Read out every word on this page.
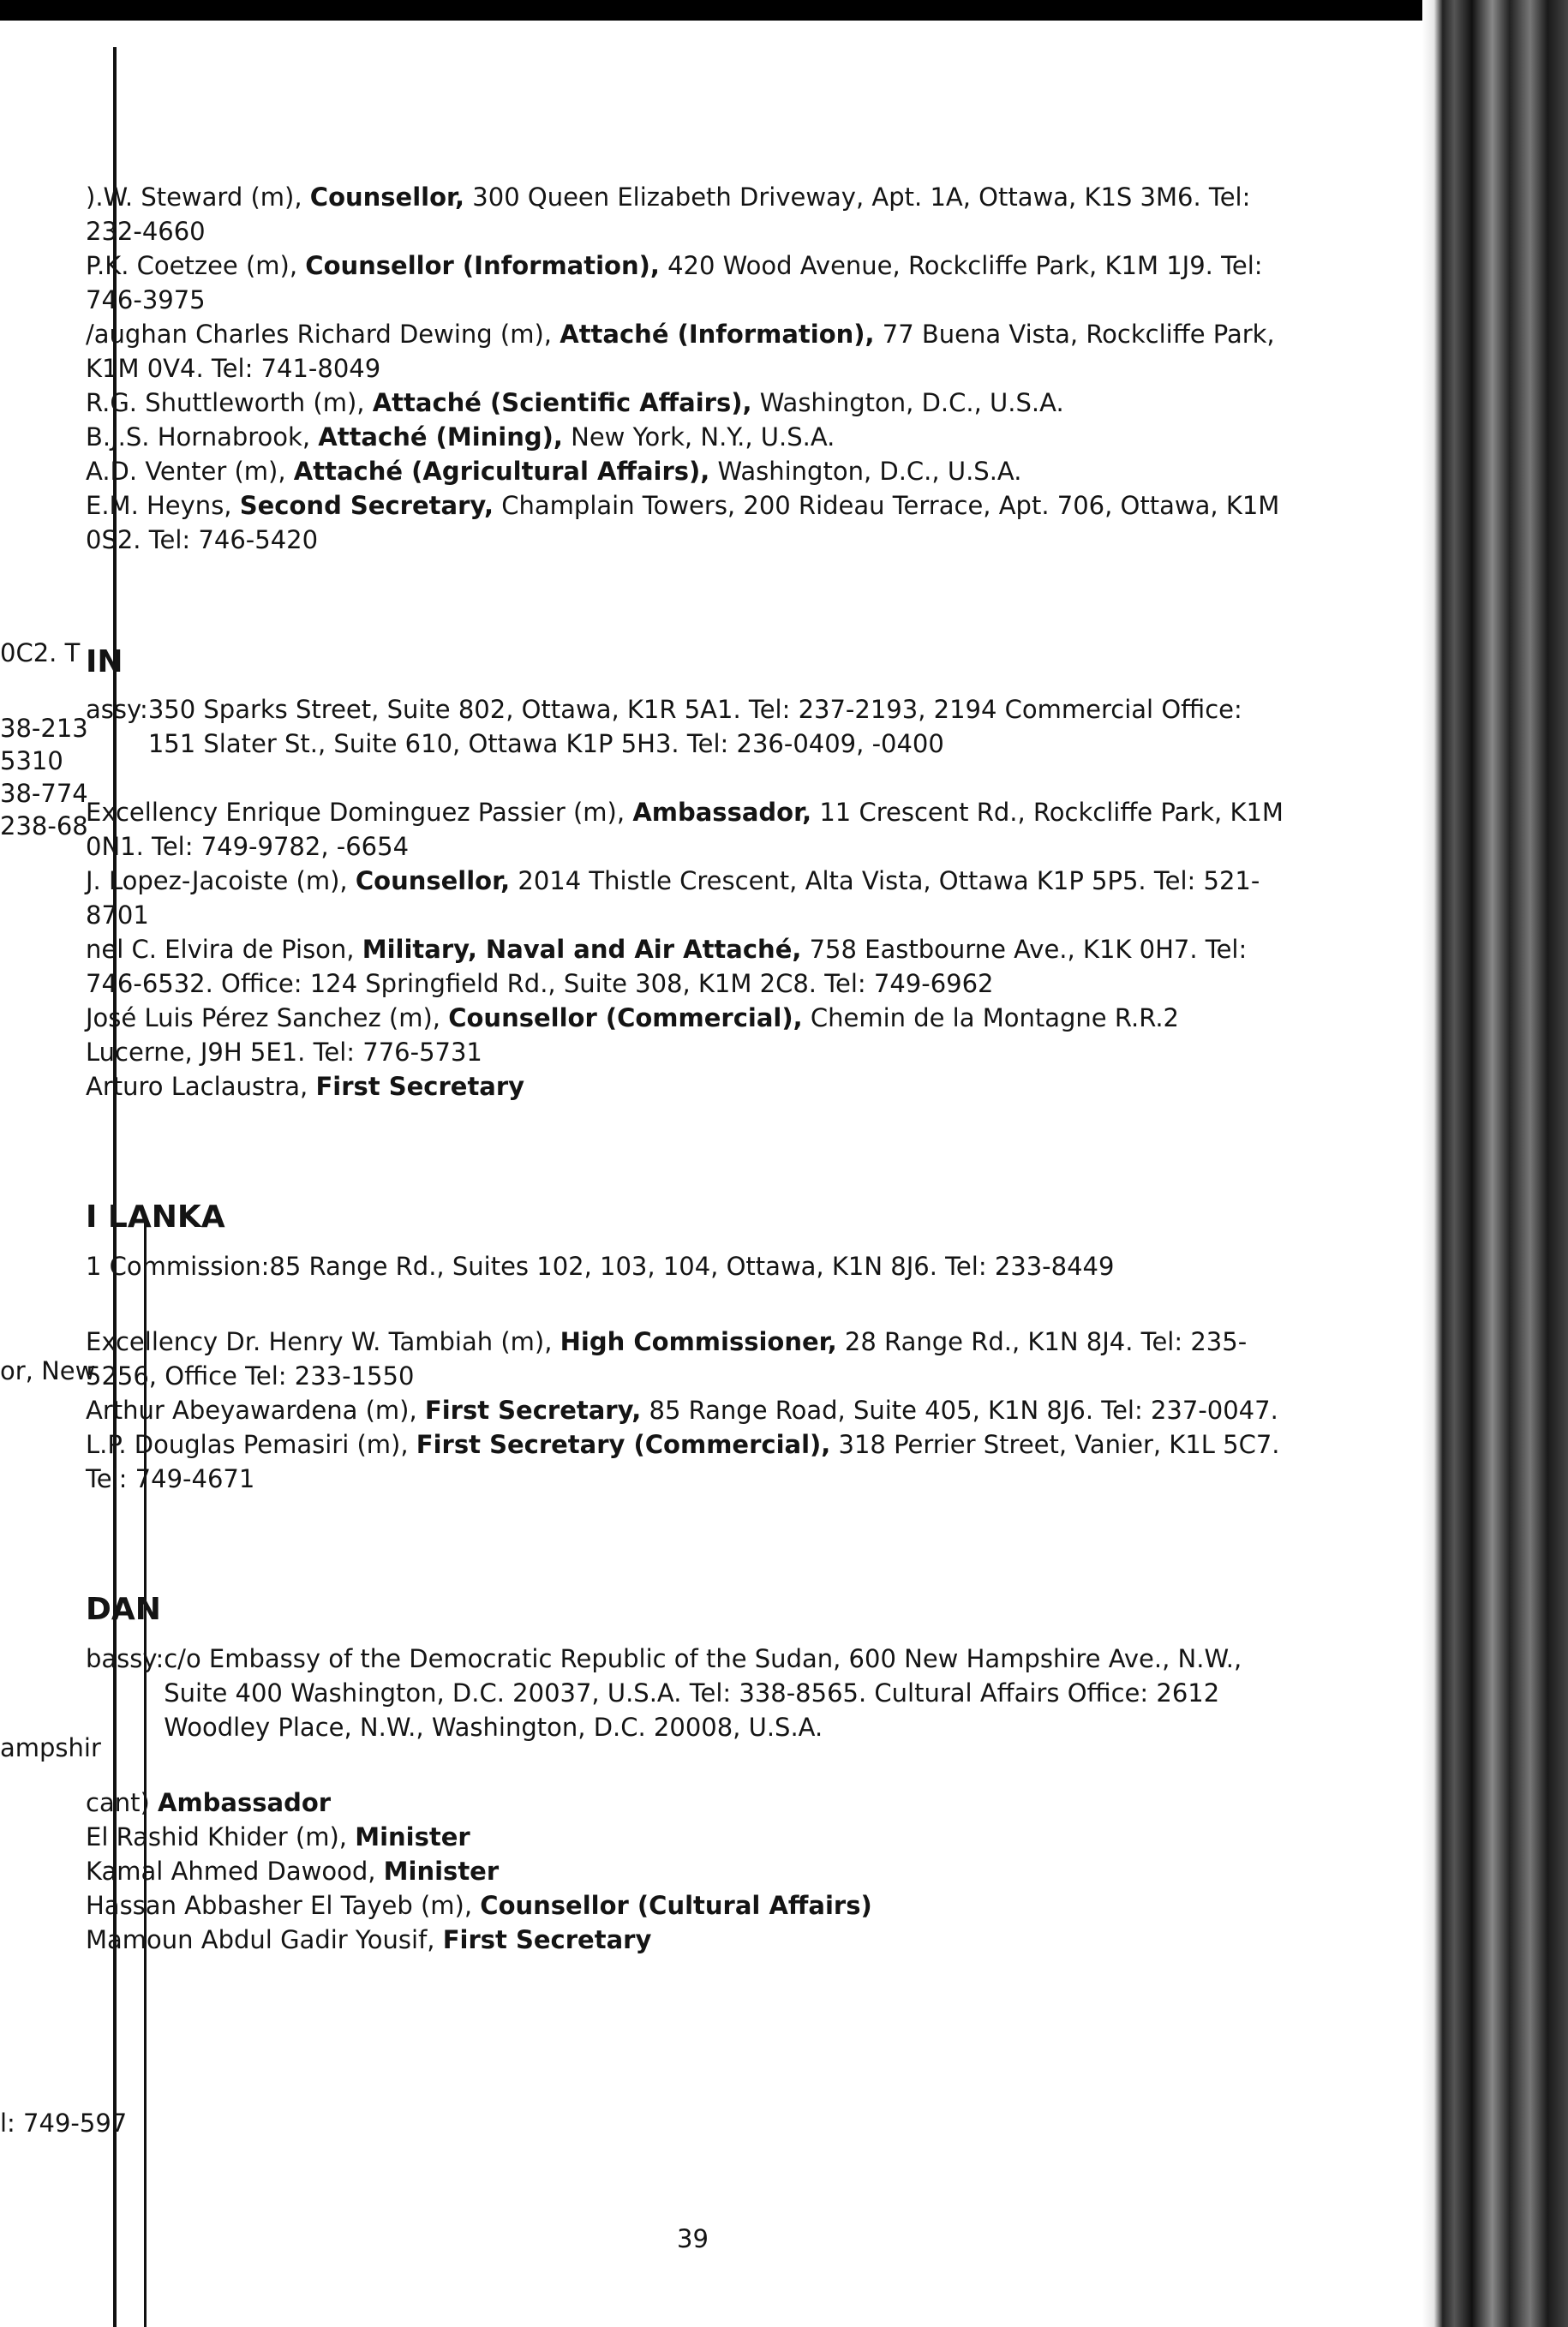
0C2. T
38-213
5310
38-774
238-68
or, New
ampshir
l: 749-597

).W. Steward (m), Counsellor, 300 Queen Elizabeth Driveway, Apt. 1A, Ottawa, K1S 3M6. Tel: 232-4660

P.K. Coetzee (m), Counsellor (Information), 420 Wood Avenue, Rockcliffe Park, K1M 1J9. Tel: 746-3975

/aughan Charles Richard Dewing (m), Attaché (Information), 77 Buena Vista, Rockcliffe Park, K1M 0V4. Tel: 741-8049

R.G. Shuttleworth (m), Attaché (Scientific Affairs), Washington, D.C., U.S.A.

B.J.S. Hornabrook, Attaché (Mining), New York, N.Y., U.S.A.

A.D. Venter (m), Attaché (Agricultural Affairs), Washington, D.C., U.S.A.

E.M. Heyns, Second Secretary, Champlain Towers, 200 Rideau Terrace, Apt. 706, Ottawa, K1M 0S2. Tel: 746-5420

IN
assy: 350 Sparks Street, Suite 802, Ottawa, K1R 5A1. Tel: 237-2193, 2194 Commercial Office: 151 Slater St., Suite 610, Ottawa K1P 5H3. Tel: 236-0409, -0400

Excellency Enrique Dominguez Passier (m), Ambassador, 11 Crescent Rd., Rockcliffe Park, K1M 0N1. Tel: 749-9782, -6654

J. Lopez-Jacoiste (m), Counsellor, 2014 Thistle Crescent, Alta Vista, Ottawa K1P 5P5. Tel: 521-8701

nel C. Elvira de Pison, Military, Naval and Air Attaché, 758 Eastbourne Ave., K1K 0H7. Tel: 746-6532. Office: 124 Springfield Rd., Suite 308, K1M 2C8. Tel: 749-6962

José Luis Pérez Sanchez (m), Counsellor (Commercial), Chemin de la Montagne R.R.2 Lucerne, J9H 5E1. Tel: 776-5731

Arturo Laclaustra, First Secretary

I LANKA
1 Commission: 85 Range Rd., Suites 102, 103, 104, Ottawa, K1N 8J6. Tel: 233-8449

Excellency Dr. Henry W. Tambiah (m), High Commissioner, 28 Range Rd., K1N 8J4. Tel: 235-5256, Office Tel: 233-1550

Arthur Abeyawardena (m), First Secretary, 85 Range Road, Suite 405, K1N 8J6. Tel: 237-0047.

L.P. Douglas Pemasiri (m), First Secretary (Commercial), 318 Perrier Street, Vanier, K1L 5C7. Tel: 749-4671

DAN
bassy: c/o Embassy of the Democratic Republic of the Sudan, 600 New Hampshire Ave., N.W., Suite 400 Washington, D.C. 20037, U.S.A. Tel: 338-8565. Cultural Affairs Office: 2612 Woodley Place, N.W., Washington, D.C. 20008, U.S.A.

cant) Ambassador

El Rashid Khider (m), Minister

Kamal Ahmed Dawood, Minister

Hassan Abbasher El Tayeb (m), Counsellor (Cultural Affairs)

Mamoun Abdul Gadir Yousif, First Secretary

39
